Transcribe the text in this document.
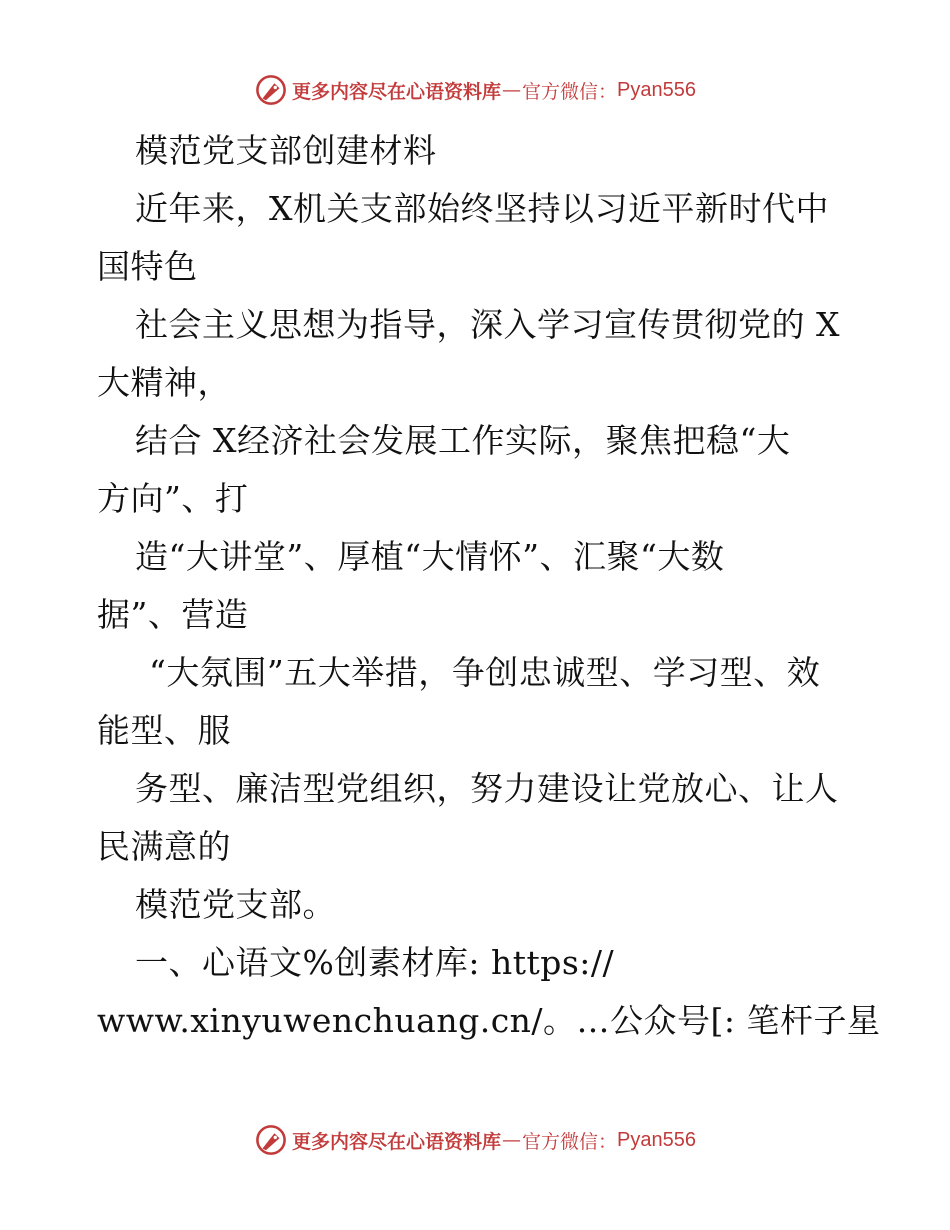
更多内容尽在心语资料库 — 官方微信： Pyan556
模范党支部创建材料
近年来，X机关支部始终坚持以习近平新时代中
国特色
社会主义思想为指导，深入学习宣传贯彻党的 X
大精神，
结合 X经济社会发展工作实际，聚焦把稳“大
方向”、打
造“大讲堂”、厚植“大情怀”、汇聚“大数
据”、营造
“大氛围”五大举措，争创忠诚型、学习型、效
能型、服
务型、廉洁型党组织，努力建设让党放心、让人
民满意的
模范党支部。
一、心语文%创素材库: https://
www.xinyuwenchuang.cn/。…公众号[: 笔杆子星
更多内容尽在心语资料库 — 官方微信： Pyan556
